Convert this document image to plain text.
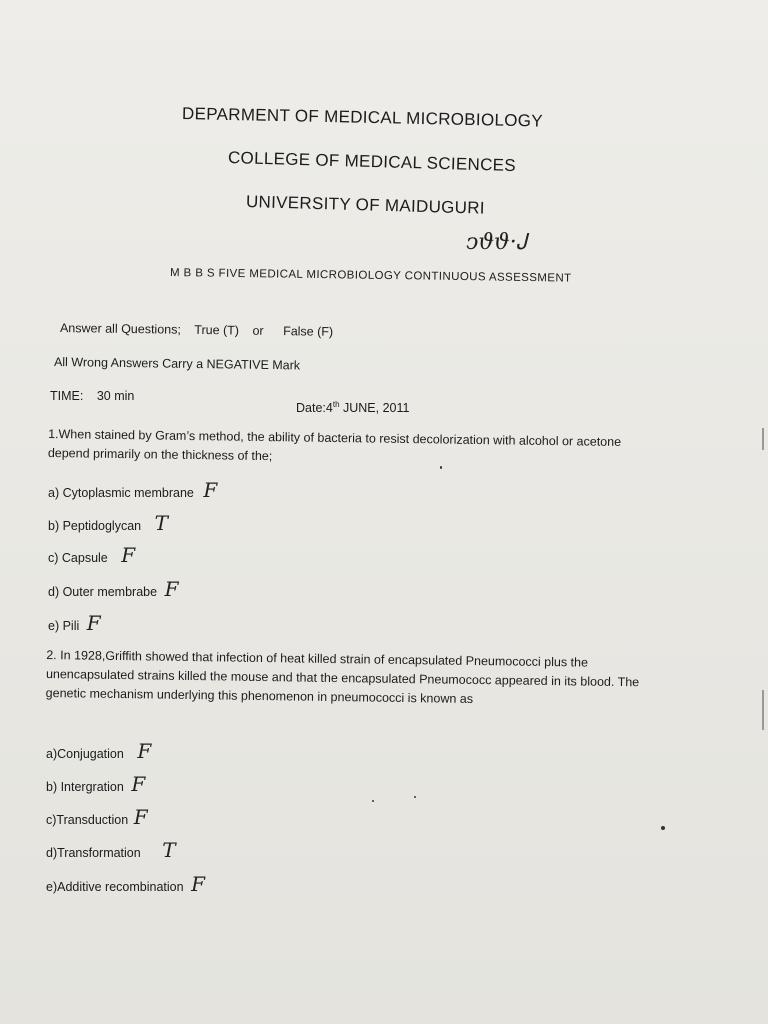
DEPARMENT OF MEDICAL MICROBIOLOGY
COLLEGE OF MEDICAL SCIENCES
UNIVERSITY OF MAIDUGURI
ↄϑϑ·Ꭻ
M B B S FIVE MEDICAL MICROBIOLOGY CONTINUOUS ASSESSMENT
Answer all Questions; True (T) or False (F)
All Wrong Answers Carry a NEGATIVE Mark
TIME: 30 min
Date:4th JUNE, 2011
1.When stained by Gram’s method, the ability of bacteria to resist decolorization with alcohol or acetone depend primarily on the thickness of the;
a) Cytoplasmic membrane F
b) Peptidoglycan T
c) Capsule F
d) Outer membrabe F
e) Pili F
2. In 1928,Griffith showed that infection of heat killed strain of encapsulated Pneumococci plus the unencapsulated strains killed the mouse and that the encapsulated Pneumococc appeared in its blood. The genetic mechanism underlying this phenomenon in pneumococci is known as
a)Conjugation F
b) Intergration F
c)Transduction F
d)Transformation T
e)Additive recombination F
